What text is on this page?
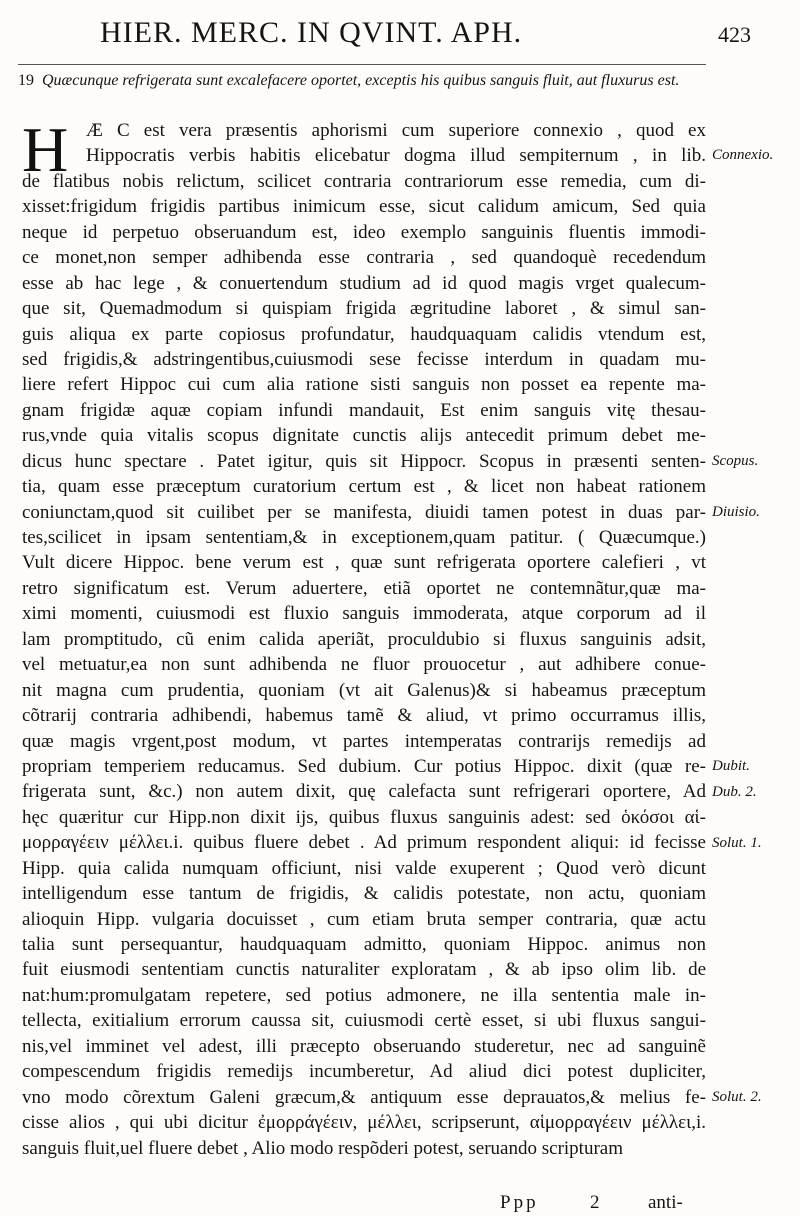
HIER. MERC. IN QVINT. APH.	423
19 Quæcunque refrigerata sunt excalefacere oportet, exceptis his quibus sanguis fluit, aut fluxurus est.
H Æ C est vera præsentis aphorismi cum superiore connexio , quod ex
Hippocratis verbis habitis elicebatur dogma illud sempiternum , in lib.
de flatibus nobis relictum, scilicet contraria contrariorum esse remedia, cum di-
xisset:frigidum frigidis partibus inimicum esse, sicut calidum amicum, Sed quia
neque id perpetuo obseruandum est, ideo exemplo sanguinis fluentis immodi-
ce monet,non semper adhibenda esse contraria , sed quandoquè recedendum
esse ab hac lege , & conuertendum studium ad id quod magis vrget qualecum-
que sit, Quemadmodum si quispiam frigida ægritudine laboret , & simul san-
guis aliqua ex parte copiosus profundatur, haudquaquam calidis vtendum est,
sed frigidis,& adstringentibus,cuiusmodi sese fecisse interdum in quadam mu-
liere refert Hippoc cui cum alia ratione sisti sanguis non posset ea repente ma-
gnam frigidæ aquæ copiam infundi mandauit, Est enim sanguis vitę thesau-
rus,vnde quia vitalis scopus dignitate cunctis alijs antecedit primum debet me-
dicus hunc spectare . Patet igitur, quis sit Hippocr. Scopus in præsenti senten-
tia, quam esse præceptum curatorium certum est , & licet non habeat rationem
coniunctam,quod sit cuilibet per se manifesta, diuidi tamen potest in duas par-
tes,scilicet in ipsam sententiam,& in exceptionem,quam patitur. ( Quæcumque.)
Vult dicere Hippoc. bene verum est , quæ sunt refrigerata oportere calefieri , vt
retro significatum est. Verum aduertere, etiã oportet ne contemnãtur,quæ ma-
ximi momenti, cuiusmodi est fluxio sanguis immoderata, atque corporum ad il
lam promptitudo, cũ enim calida aperiãt, proculdubio si fluxus sanguinis adsit,
vel metuatur,ea non sunt adhibenda ne fluor prouocetur , aut adhibere conue-
nit magna cum prudentia, quoniam (vt ait Galenus)& si habeamus præceptum
cõtrarij contraria adhibendi, habemus tamẽ & aliud, vt primo occurramus illis,
quæ magis vrgent,post modum, vt partes intemperatas contrarijs remedijs ad
propriam temperiem reducamus. Sed dubium. Cur potius Hippoc. dixit (quæ re-
frigerata sunt, &c.) non autem dixit, quę calefacta sunt refrigerari oportere, Ad
hęc quæritur cur Hipp.non dixit ijs, quibus fluxus sanguinis adest: sed ὁκόσοι αἱ-
μορραγέειν μέλλει.i. quibus fluere debet . Ad primum respondent aliqui: id fecisse
Hipp. quia calida numquam officiunt, nisi valde exuperent ; Quod verò dicunt
intelligendum esse tantum de frigidis, & calidis potestate, non actu, quoniam
alioquin Hipp. vulgaria docuisset , cum etiam bruta semper contraria, quæ actu
talia sunt persequantur, haudquaquam admitto, quoniam Hippoc. animus non
fuit eiusmodi sententiam cunctis naturaliter exploratam , & ab ipso olim lib. de
nat:hum:promulgatam repetere, sed potius admonere, ne illa sententia male in-
tellecta, exitialium errorum caussa sit, cuiusmodi certè esset, si ubi fluxus sangui-
nis,vel imminet vel adest, illi præcepto obseruando studeretur, nec ad sanguinẽ
compescendum frigidis remedijs incumberetur, Ad aliud dici potest dupliciter,
vno modo cõrextum Galeni græcum,& antiquum esse deprauatos,& melius fe-
cisse alios , qui ubi dicitur ἐμορράγέειν, μέλλει, scripserunt, αἱμορραγέειν μέλλει,i.
sanguis fluit,uel fluere debet , Alio modo respõderi potest, seruando scripturam
Connexio.
Scopus.
Diuisio.
Dubit.
Dub. 2.
Solut. 1.
Solut. 2.
Ppp	2	anti-
